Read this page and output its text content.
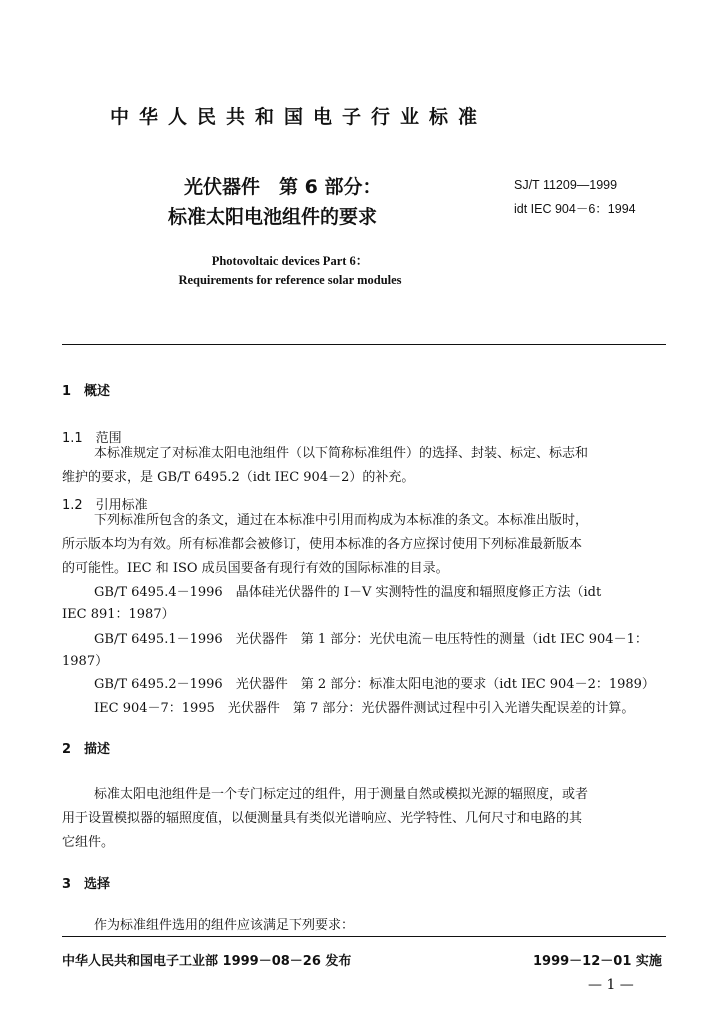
中华人民共和国电子行业标准
光伏器件　第 6 部分：
标准太阳电池组件的要求
SJ/T 11209—1999
idt IEC 904－6：1994
Photovoltaic devices Part 6：
Requirements for reference solar modules
1　概述
1.1　范围
本标准规定了对标准太阳电池组件（以下简称标准组件）的选择、封装、标定、标志和
维护的要求，是 GB/T 6495.2（idt IEC 904－2）的补充。
1.2　引用标准
下列标准所包含的条文，通过在本标准中引用而构成为本标准的条文。本标准出版时，
所示版本均为有效。所有标准都会被修订，使用本标准的各方应探讨使用下列标准最新版本
的可能性。IEC 和 ISO 成员国要备有现行有效的国际标准的目录。
GB/T 6495.4－1996　晶体硅光伏器件的 I－V 实测特性的温度和辐照度修正方法（idt
IEC 891：1987）
GB/T 6495.1－1996　光伏器件　第 1 部分：光伏电流－电压特性的测量（idt IEC 904－1：
1987）
GB/T 6495.2－1996　光伏器件　第 2 部分：标准太阳电池的要求（idt IEC 904－2：1989）
IEC 904－7：1995　光伏器件　第 7 部分：光伏器件测试过程中引入光谱失配误差的计算。
2　描述
标准太阳电池组件是一个专门标定过的组件，用于测量自然或模拟光源的辐照度，或者
用于设置模拟器的辐照度值，以便测量具有类似光谱响应、光学特性、几何尺寸和电路的其
它组件。
3　选择
作为标准组件选用的组件应该满足下列要求：
中华人民共和国电子工业部 1999－08－26 发布	1999－12－01 实施
— 1 —
